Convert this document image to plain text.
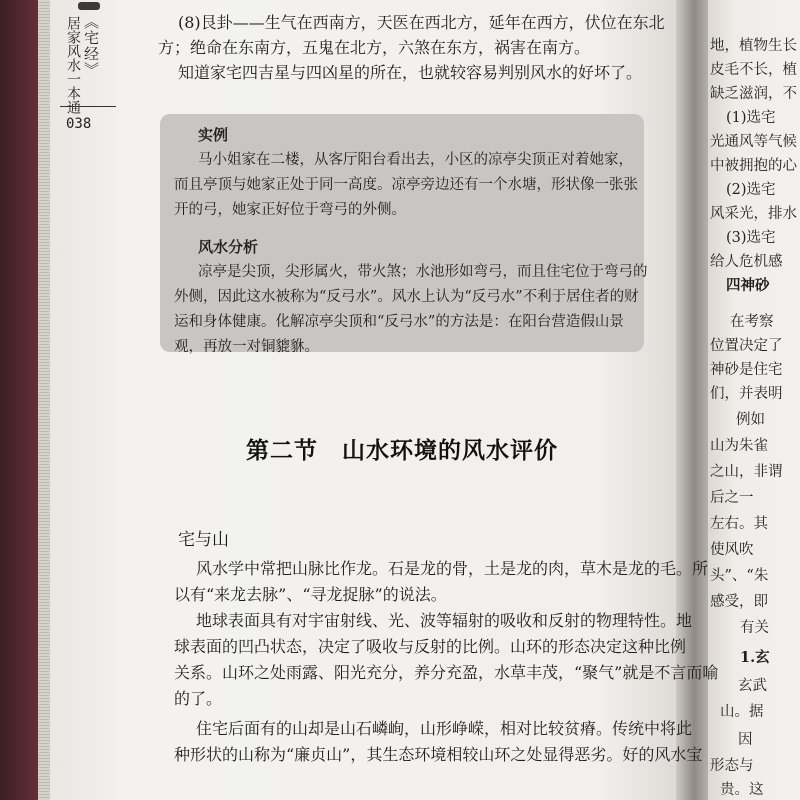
《宅经》
居家风水一本通
038
(8)艮卦——生气在西南方，天医在西北方，延年在西方，伏位在东北
方；绝命在东南方，五鬼在北方，六煞在东方，祸害在南方。
知道家宅四吉星与四凶星的所在，也就较容易判别风水的好坏了。
实例
马小姐家在二楼，从客厅阳台看出去，小区的凉亭尖顶正对着她家，
而且亭顶与她家正处于同一高度。凉亭旁边还有一个水塘，形状像一张张
开的弓，她家正好位于弯弓的外侧。
风水分析
凉亭是尖顶，尖形属火，带火煞；水池形如弯弓，而且住宅位于弯弓的
外侧，因此这水被称为“反弓水”。风水上认为“反弓水”不利于居住者的财
运和身体健康。化解凉亭尖顶和“反弓水”的方法是：在阳台营造假山景
观，再放一对铜貔貅。
第二节　山水环境的风水评价
宅与山
风水学中常把山脉比作龙。石是龙的骨，土是龙的肉，草木是龙的毛。所
以有“来龙去脉”、“寻龙捉脉”的说法。
地球表面具有对宇宙射线、光、波等辐射的吸收和反射的物理特性。地
球表面的凹凸状态，决定了吸收与反射的比例。山环的形态决定这种比例
关系。山环之处雨露、阳光充分，养分充盈，水草丰茂，“聚气”就是不言而喻
的了。
住宅后面有的山却是山石嶙峋，山形峥嵘，相对比较贫瘠。传统中将此
种形状的山称为“廉贞山”，其生态环境相较山环之处显得恶劣。好的风水宝
地，植物生长
皮毛不长，植
缺乏滋润，不
(1)选宅
光通风等气候
中被拥抱的心
(2)选宅
风采光，排水
(3)选宅
给人危机感
四神砂
在考察
位置决定了
神砂是住宅
们，并表明
例如
山为朱雀
之山，非谓
后之一
左右。其
使风吹
头”、“朱
感受，即
有关
1.玄
玄武
山。据
因
形态与
贵。这
